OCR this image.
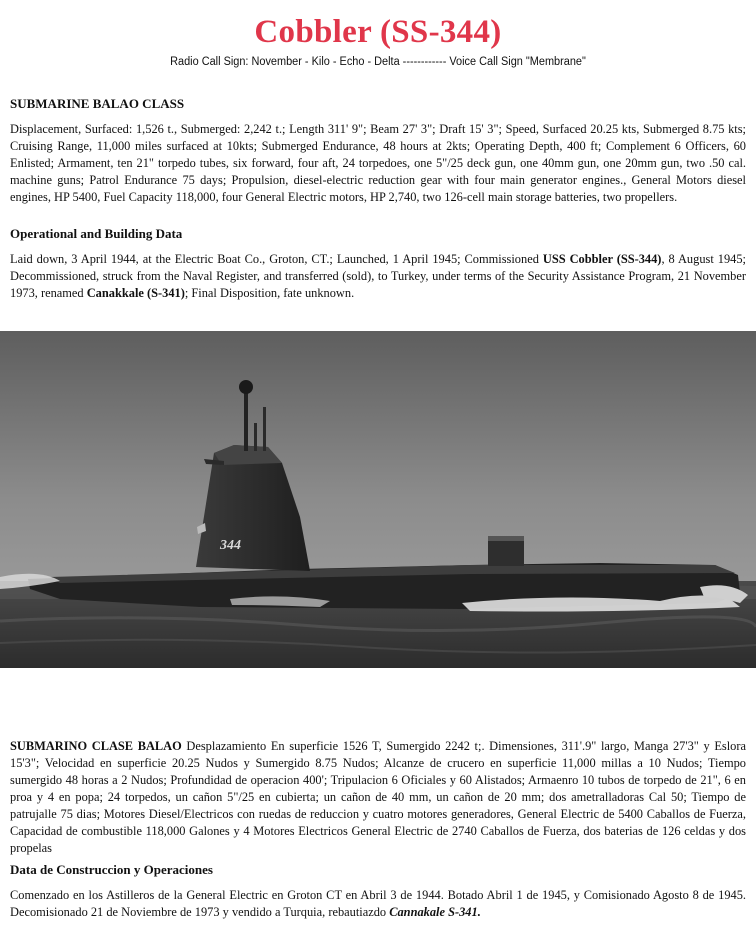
Cobbler (SS-344)
Radio Call Sign: November - Kilo - Echo - Delta ------------ Voice Call Sign "Membrane"
SUBMARINE BALAO CLASS
Displacement, Surfaced: 1,526 t., Submerged: 2,242 t.; Length 311' 9"; Beam 27' 3"; Draft 15' 3"; Speed, Surfaced 20.25 kts, Submerged 8.75 kts; Cruising Range, 11,000 miles surfaced at 10kts; Submerged Endurance, 48 hours at 2kts; Operating Depth, 400 ft; Complement 6 Officers, 60 Enlisted; Armament, ten 21" torpedo tubes, six forward, four aft, 24 torpedoes, one 5"/25 deck gun, one 40mm gun, one 20mm gun, two .50 cal. machine guns; Patrol Endurance 75 days; Propulsion, diesel-electric reduction gear with four main generator engines., General Motors diesel engines, HP 5400, Fuel Capacity 118,000, four General Electric motors, HP 2,740, two 126-cell main storage batteries, two propellers.
Operational and Building Data
Laid down, 3 April 1944, at the Electric Boat Co., Groton, CT.; Launched, 1 April 1945; Commissioned USS Cobbler (SS-344), 8 August 1945; Decommissioned, struck from the Naval Register, and transferred (sold), to Turkey, under terms of the Security Assistance Program, 21 November 1973, renamed Canakkale (S-341); Final Disposition, fate unknown.
344
SUBMARINO CLASE BALAO Desplazamiento En superficie 1526 T, Sumergido 2242 t;. Dimensiones, 311'.9" largo, Manga 27'3" y Eslora 15'3"; Velocidad en superficie 20.25 Nudos y Sumergido 8.75 Nudos; Alcanze de crucero en superficie 11,000 millas a 10 Nudos; Tiempo sumergido 48 horas a 2 Nudos; Profundidad de operacion 400'; Tripulacion 6 Oficiales y 60 Alistados; Armaenro 10 tubos de torpedo de 21", 6 en proa y 4 en popa; 24 torpedos, un cañon 5"/25 en cubierta; un cañon de 40 mm, un cañon de 20 mm; dos ametralladoras Cal 50; Tiempo de patrujalle 75 dias; Motores Diesel/Electricos con ruedas de reduccion y cuatro motores generadores, General Electric de 5400 Caballos de Fuerza, Capacidad de combustible 118,000 Galones y 4 Motores Electricos General Electric de 2740 Caballos de Fuerza, dos baterias de 126 celdas y dos propelas
Data de Construccion y Operaciones
Comenzado en los Astilleros de la General Electric en Groton CT en Abril 3 de 1944. Botado Abril 1 de 1945, y Comisionado Agosto 8 de 1945. Decomisionado 21 de Noviembre de 1973 y vendido a Turquia, rebautiazdo Cannakale S-341.
